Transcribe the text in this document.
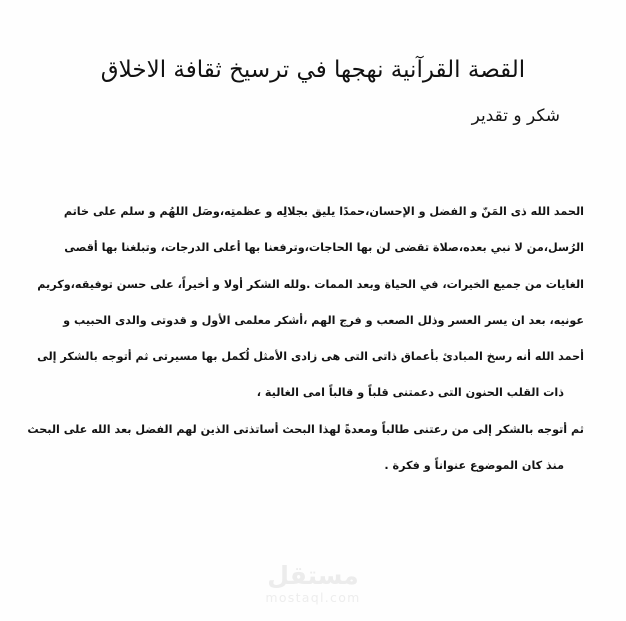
القصة القرآنية نهجها في ترسيخ ثقافة الاخلاق
شكر و تقدير

الحمد الله ذى المَنّ و الفضل و الإحسان،حمدًا يليق بجلالِه و عظمتِه،وصَل اللهُم و سلم على خاتم

الرُسل،من لا نبي بعده،صلاة تقضى لن بها الحاجات،وترفعنا بها أعلى الدرجات، وتبلغنا بها أقصى

الغايات من جميع الخيرات، في الحياة وبعد الممات .ولله الشكر أولا و أخيراً، على حسن توفيقه،وكريم

عونيه، بعد ان يسر العسر وذلل الصعب و فرج الهم ،أشكر معلمى الأول و قدوتى والدى الحبيب و

أحمد الله أنه رسخ المبادئ بأعماق ذاتى التى هى زادى الأمثل لُكمل بها مسيرتى ثم أتوجه بالشكر إلى

ذات القلب الحنون التى دعمتنى قلباً و قالباً امى الغالية ،

ثم أتوجه بالشكر إلى من رعتنى طالباً ومعدةً لهذا البحث أساتذتى الذين لهم الفضل بعد الله على البحث

منذ كان الموضوع عنواناً و فكرة .

مستقل
mostaql.com
